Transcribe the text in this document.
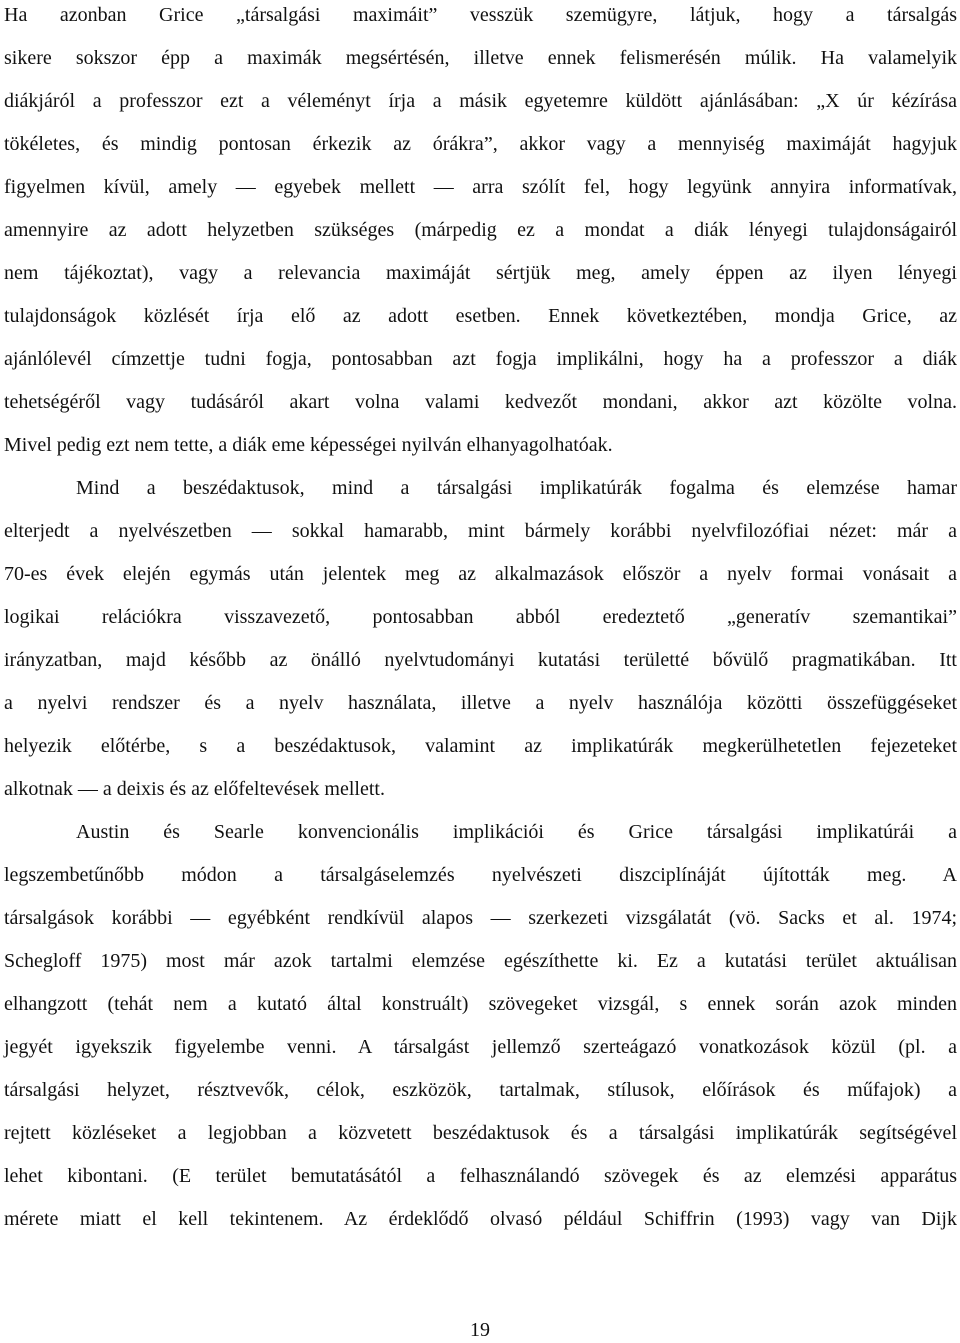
Ha azonban Grice „társalgási maximáit” vesszük szemügyre, látjuk, hogy a társalgás
sikere sokszor épp a maximák megsértésén, illetve ennek felismerésén múlik. Ha valamelyik
diákjáról a professzor ezt a véleményt írja a másik egyetemre küldött ajánlásában: „X úr kézírása
tökéletes, és mindig pontosan érkezik az órákra”, akkor vagy a mennyiség maximáját hagyjuk
figyelmen kívül, amely — egyebek mellett — arra szólít fel, hogy legyünk annyira informatívak,
amennyire az adott helyzetben szükséges (márpedig ez a mondat a diák lényegi tulajdonságairól
nem tájékoztat), vagy a relevancia maximáját sértjük meg, amely éppen az ilyen lényegi
tulajdonságok közlését írja elő az adott esetben. Ennek következtében, mondja Grice, az
ajánlólevél címzettje tudni fogja, pontosabban azt fogja implikálni, hogy ha a professzor a diák
tehetségéről vagy tudásáról akart volna valami kedvezőt mondani, akkor azt közölte volna.
Mivel pedig ezt nem tette, a diák eme képességei nyilván elhanyagolhatóak.
Mind a beszédaktusok, mind a társalgási implikatúrák fogalma és elemzése hamar
elterjedt a nyelvészetben — sokkal hamarabb, mint bármely korábbi nyelvfilozófiai nézet: már a
70-es évek elején egymás után jelentek meg az alkalmazások először a nyelv formai vonásait a
logikai relációkra visszavezető, pontosabban abból eredeztető „generatív szemantikai”
irányzatban, majd később az önálló nyelvtudományi kutatási területté bővülő pragmatikában. Itt
a nyelvi rendszer és a nyelv használata, illetve a nyelv használója közötti összefüggéseket
helyezik előtérbe, s a beszédaktusok, valamint az implikatúrák megkerülhetetlen fejezeteket
alkotnak — a deixis és az előfeltevések mellett.
Austin és Searle konvencionális implikációi és Grice társalgási implikatúrái a
legszembetűnőbb módon a társalgáselemzés nyelvészeti diszciplínáját újították meg. A
társalgások korábbi — egyébként rendkívül alapos — szerkezeti vizsgálatát (vö. Sacks et al. 1974;
Schegloff 1975) most már azok tartalmi elemzése egészíthette ki. Ez a kutatási terület aktuálisan
elhangzott (tehát nem a kutató által konstruált) szövegeket vizsgál, s ennek során azok minden
jegyét igyekszik figyelembe venni. A társalgást jellemző szerteágazó vonatkozások közül (pl. a
társalgási helyzet, résztvevők, célok, eszközök, tartalmak, stílusok, előírások és műfajok) a
rejtett közléseket a legjobban a közvetett beszédaktusok és a társalgási implikatúrák segítségével
lehet kibontani. (E terület bemutatásától a felhasználandó szövegek és az elemzési apparátus
mérete miatt el kell tekintenem. Az érdeklődő olvasó például Schiffrin (1993) vagy van Dijk
19
